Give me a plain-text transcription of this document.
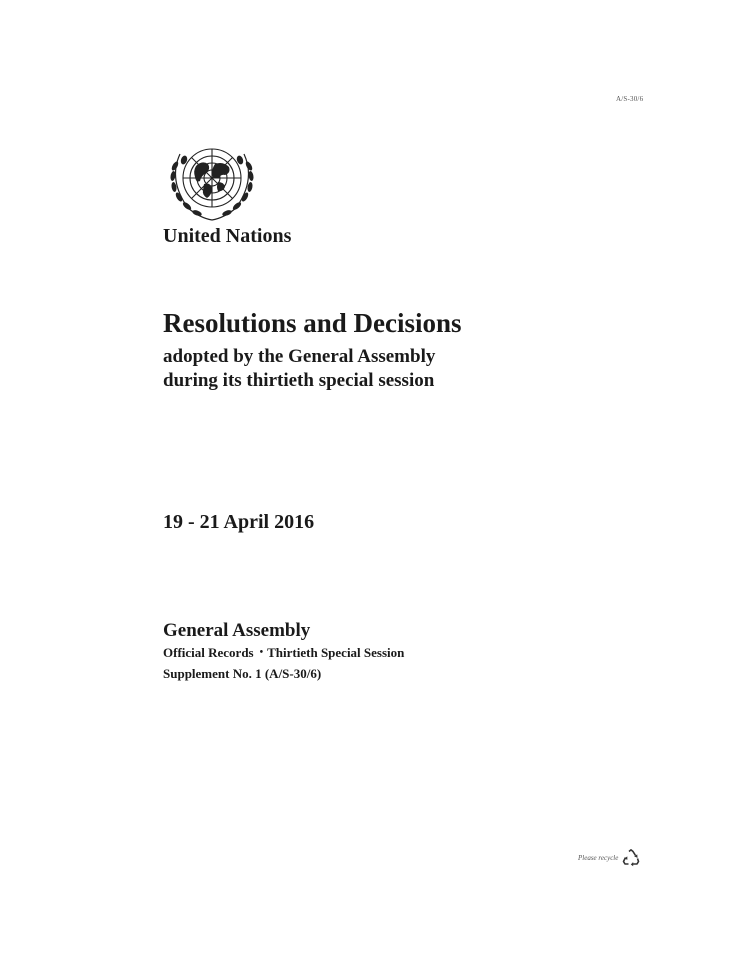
A/S-30/6
United Nations
Resolutions and Decisions
adopted by the General Assembly
during its thirtieth special session
19 - 21 April 2016
General Assembly
Official Records • Thirtieth Special Session
Supplement No. 1 (A/S-30/6)
Please recycle
